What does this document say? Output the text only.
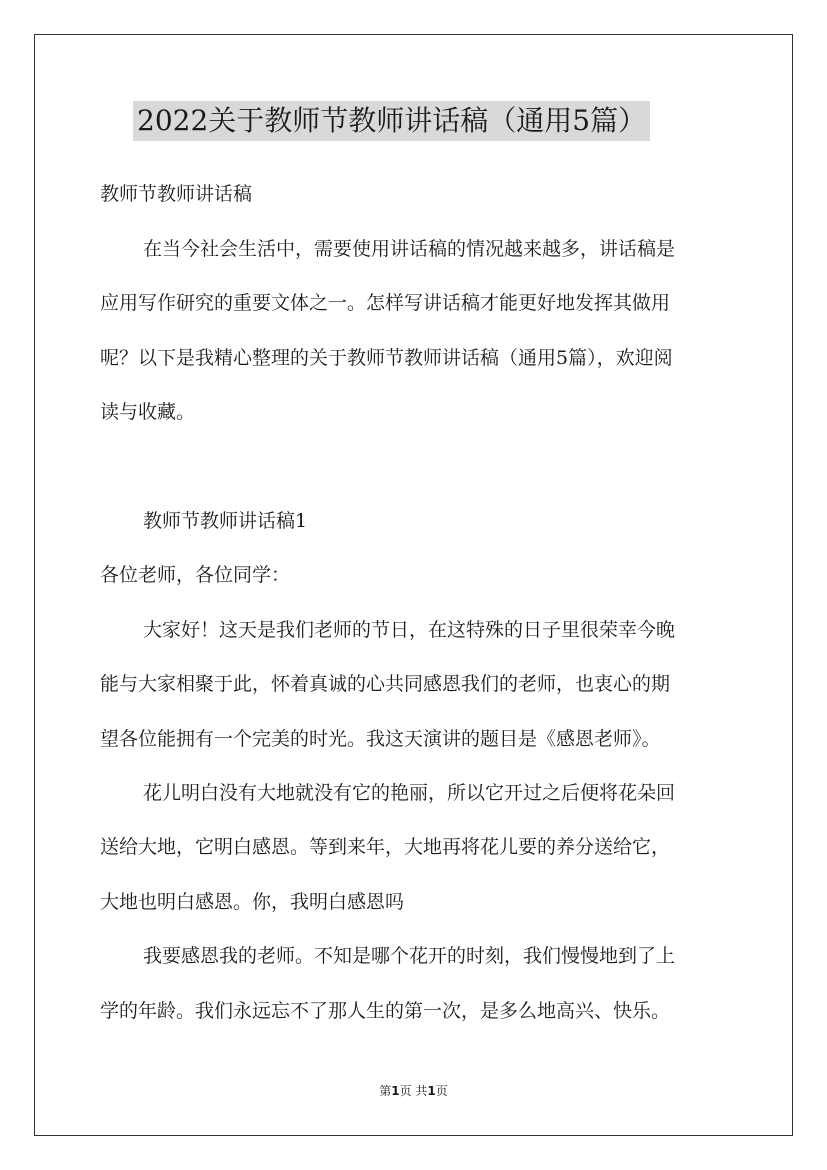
2022关于教师节教师讲话稿（通用5篇）
教师节教师讲话稿
在当今社会生活中，需要使用讲话稿的情况越来越多，讲话稿是
应用写作研究的重要文体之一。怎样写讲话稿才能更好地发挥其做用
呢？以下是我精心整理的关于教师节教师讲话稿（通用5篇），欢迎阅
读与收藏。
教师节教师讲话稿1
各位老师，各位同学：
大家好！这天是我们老师的节日，在这特殊的日子里很荣幸今晚
能与大家相聚于此，怀着真诚的心共同感恩我们的老师，也衷心的期
望各位能拥有一个完美的时光。我这天演讲的题目是《感恩老师》。
花儿明白没有大地就没有它的艳丽，所以它开过之后便将花朵回
送给大地，它明白感恩。等到来年，大地再将花儿要的养分送给它，
大地也明白感恩。你，我明白感恩吗
我要感恩我的老师。不知是哪个花开的时刻，我们慢慢地到了上
学的年龄。我们永远忘不了那人生的第一次，是多么地高兴、快乐。
第1页 共1页
